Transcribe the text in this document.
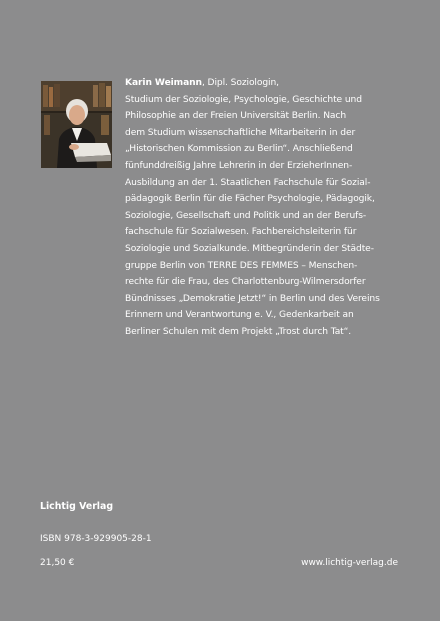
Karin Weimann, Dipl. Soziologin,
Studium der Soziologie, Psychologie, Geschichte und
Philosophie an der Freien Universität Berlin. Nach
dem Studium wissenschaftliche Mitarbeiterin in der
„Historischen Kommission zu Berlin“. Anschließend
fünfunddreißig Jahre Lehrerin in der ErzieherInnen-
Ausbildung an der 1. Staatlichen Fachschule für Sozial-
pädagogik Berlin für die Fächer Psychologie, Pädagogik,
Soziologie, Gesellschaft und Politik und an der Berufs-
fachschule für Sozialwesen. Fachbereichsleiterin für
Soziologie und Sozialkunde. Mitbegründerin der Städte-
gruppe Berlin von TERRE DES FEMMES – Menschen-
rechte für die Frau, des Charlottenburg-Wilmersdorfer
Bündnisses „Demokratie Jetzt!“ in Berlin und des Vereins
Erinnern und Verantwortung e. V., Gedenkarbeit an
Berliner Schulen mit dem Projekt „Trost durch Tat“.
Lichtig Verlag
ISBN 978-3-929905-28-1
21,50 €	www.lichtig-verlag.de
